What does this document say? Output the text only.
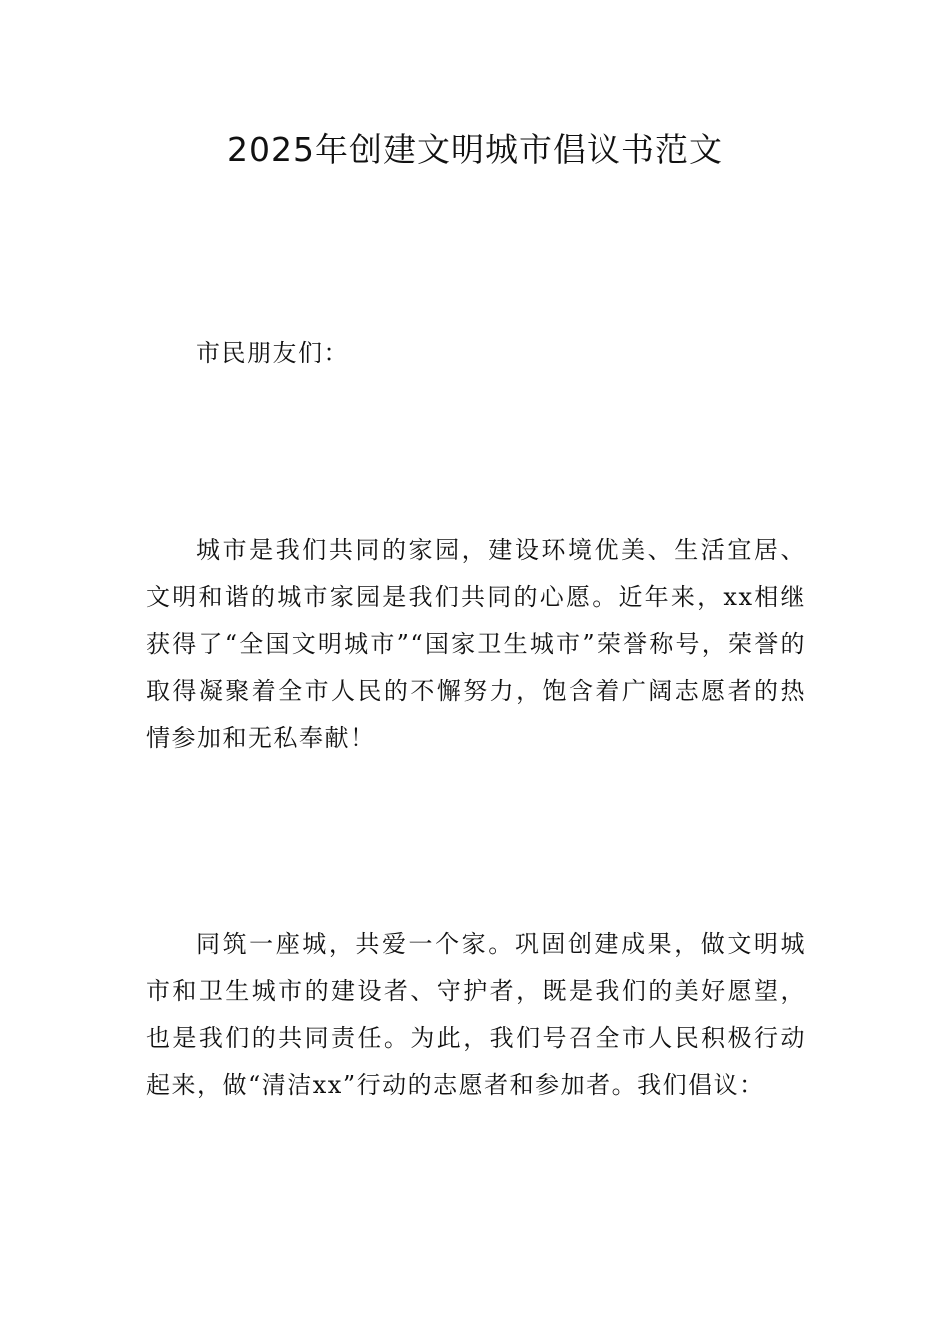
2025年创建文明城市倡议书范文

市民朋友们：

城市是我们共同的家园，建设环境优美、生活宜居、文明和谐的城市家园是我们共同的心愿。近年来，xx相继获得了“全国文明城市”“国家卫生城市”荣誉称号，荣誉的取得凝聚着全市人民的不懈努力，饱含着广阔志愿者的热情参加和无私奉献！

同筑一座城，共爱一个家。巩固创建成果，做文明城市和卫生城市的建设者、守护者，既是我们的美好愿望，也是我们的共同责任。为此，我们号召全市人民积极行动起来，做“清洁xx”行动的志愿者和参加者。我们倡议：
